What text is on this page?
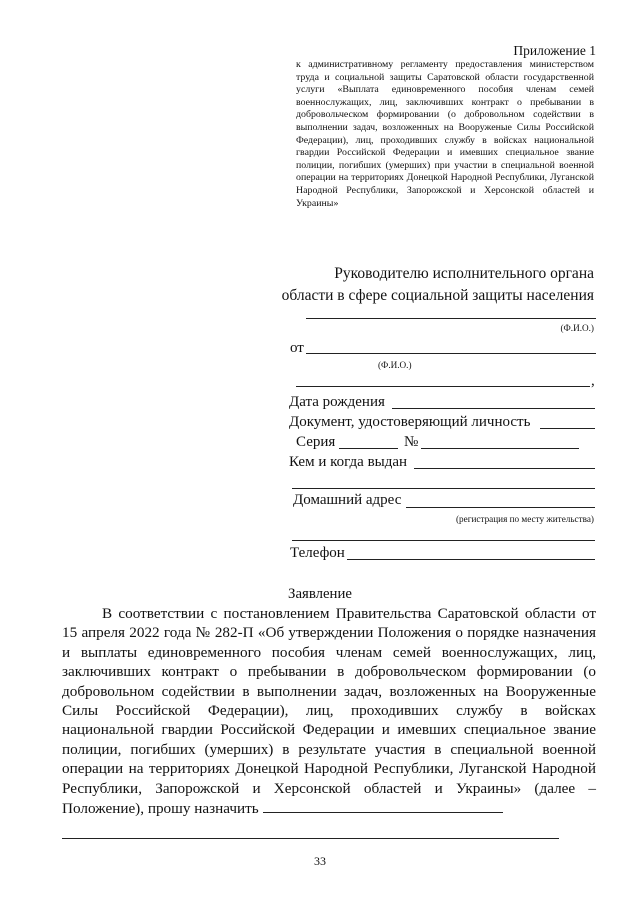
Приложение 1
к административному регламенту предоставления министерством труда и социальной защиты Саратовской области государственной услуги «Выплата единовременного пособия членам семей военнослужащих, лиц, заключивших контракт о пребывании в добровольческом формировании (о добровольном содействии в выполнении задач, возложенных на Вооруженые Силы Российской Федерации), лиц, проходивших службу в войсках национальной гвардии Российской Федерации и имевших специальное звание полиции, погибших (умерших) при участии в специальной военной операции на территориях Донецкой Народной Республики, Луганской Народной Республики, Запорожской и Херсонской областей и Украины»
Руководителю исполнительного органа
области в сфере социальной защиты населения
(Ф.И.О.)
от
(Ф.И.О.)
,
Дата рождения
Документ, удостоверяющий личность
Серия	№
Кем и когда выдан
Домашний адрес
(регистрация по месту жительства)
Телефон
Заявление
В соответствии с постановлением Правительства Саратовской области от 15 апреля 2022 года № 282-П «Об утверждении Положения о порядке назначения и выплаты единовременного пособия членам семей военнослужащих, лиц, заключивших контракт о пребывании в добровольческом формировании (о добровольном содействии в выполнении задач, возложенных на Вооруженные Силы Российской Федерации), лиц, проходивших службу в войсках национальной гвардии Российской Федерации и имевших специальное звание полиции, погибших (умерших) в результате участия в специальной военной операции на территориях Донецкой Народной Республики, Луганской Народной Республики, Запорожской и Херсонской областей и Украины» (далее – Положение), прошу назначить
33
